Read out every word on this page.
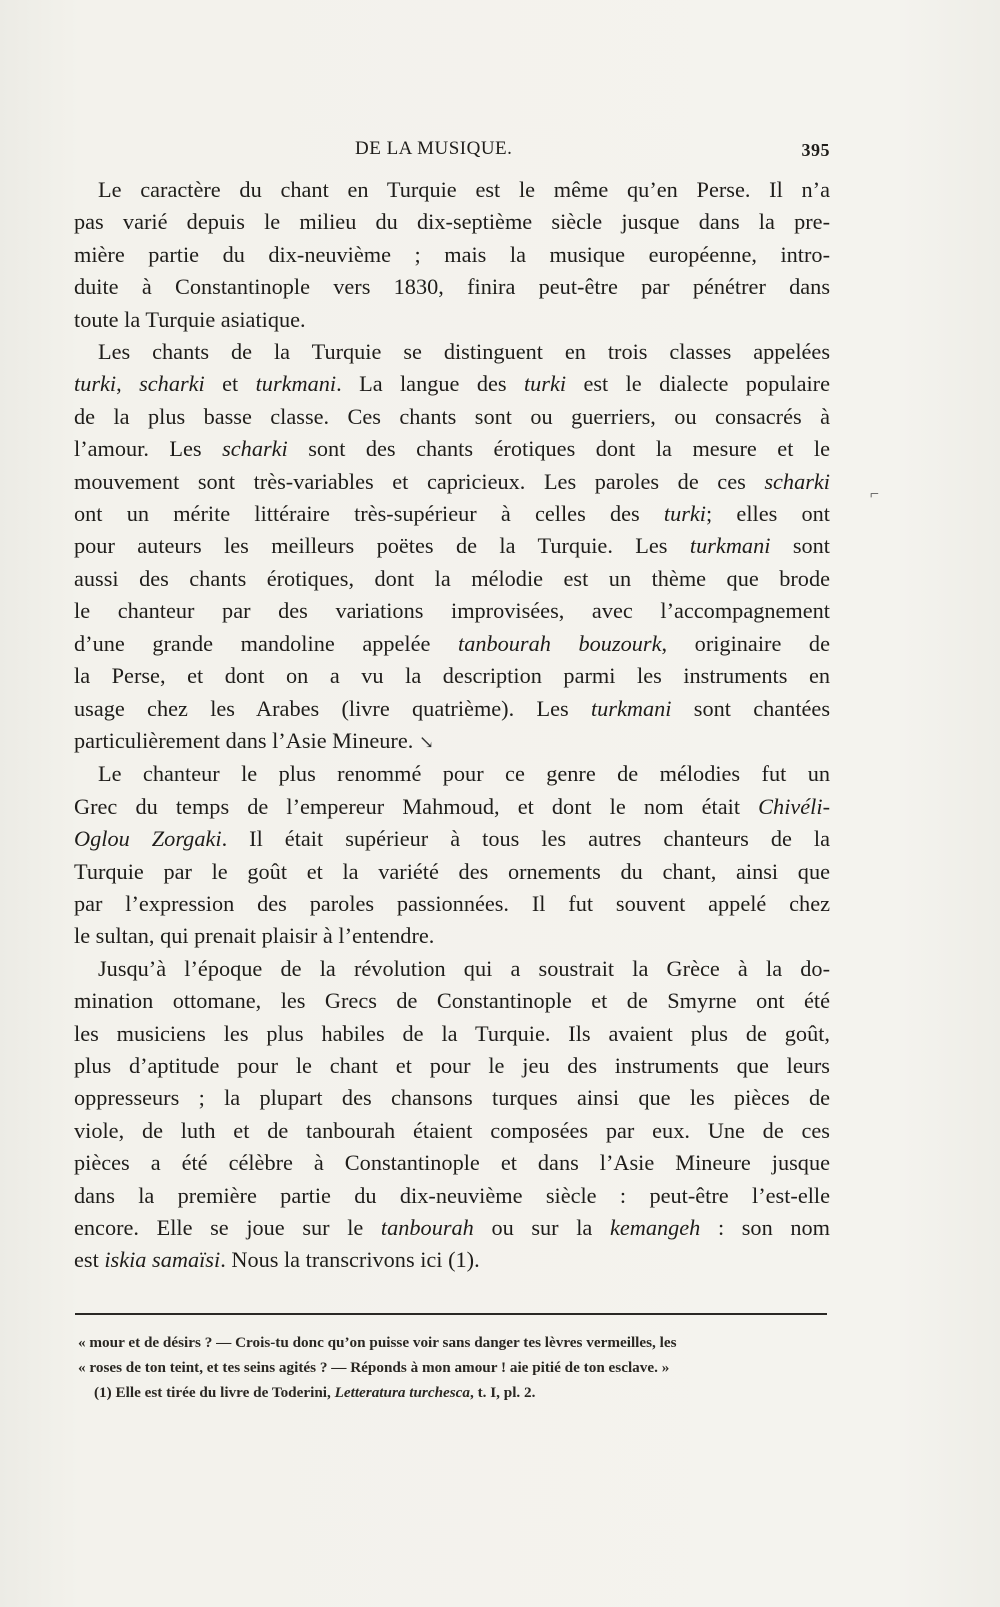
DE LA MUSIQUE.	395
Le caractère du chant en Turquie est le même qu’en Perse. Il n’a
pas varié depuis le milieu du dix-septième siècle jusque dans la pre-
mière partie du dix-neuvième ; mais la musique européenne, intro-
duite à Constantinople vers 1830, finira peut-être par pénétrer dans
toute la Turquie asiatique.
Les chants de la Turquie se distinguent en trois classes appelées
turki, scharki et turkmani. La langue des turki est le dialecte populaire
de la plus basse classe. Ces chants sont ou guerriers, ou consacrés à
l’amour. Les scharki sont des chants érotiques dont la mesure et le
mouvement sont très-variables et capricieux. Les paroles de ces scharki
ont un mérite littéraire très-supérieur à celles des turki; elles ont
pour auteurs les meilleurs poëtes de la Turquie. Les turkmani sont
aussi des chants érotiques, dont la mélodie est un thème que brode
le chanteur par des variations improvisées, avec l’accompagnement
d’une grande mandoline appelée tanbourah bouzourk, originaire de
la Perse, et dont on a vu la description parmi les instruments en
usage chez les Arabes (livre quatrième). Les turkmani sont chantées
particulièrement dans l’Asie Mineure. ↘
Le chanteur le plus renommé pour ce genre de mélodies fut un
Grec du temps de l’empereur Mahmoud, et dont le nom était Chivéli-
Oglou Zorgaki. Il était supérieur à tous les autres chanteurs de la
Turquie par le goût et la variété des ornements du chant, ainsi que
par l’expression des paroles passionnées. Il fut souvent appelé chez
le sultan, qui prenait plaisir à l’entendre.
Jusqu’à l’époque de la révolution qui a soustrait la Grèce à la do-
mination ottomane, les Grecs de Constantinople et de Smyrne ont été
les musiciens les plus habiles de la Turquie. Ils avaient plus de goût,
plus d’aptitude pour le chant et pour le jeu des instruments que leurs
oppresseurs ; la plupart des chansons turques ainsi que les pièces de
viole, de luth et de tanbourah étaient composées par eux. Une de ces
pièces a été célèbre à Constantinople et dans l’Asie Mineure jusque
dans la première partie du dix-neuvième siècle : peut-être l’est-elle
encore. Elle se joue sur le tanbourah ou sur la kemangeh : son nom
est iskia samaïsi. Nous la transcrivons ici (1).
⌐
« mour et de désirs ? — Crois-tu donc qu’on puisse voir sans danger tes lèvres vermeilles, les
« roses de ton teint, et tes seins agités ? — Réponds à mon amour ! aie pitié de ton esclave. »
(1) Elle est tirée du livre de Toderini, Letteratura turchesca, t. I, pl. 2.
